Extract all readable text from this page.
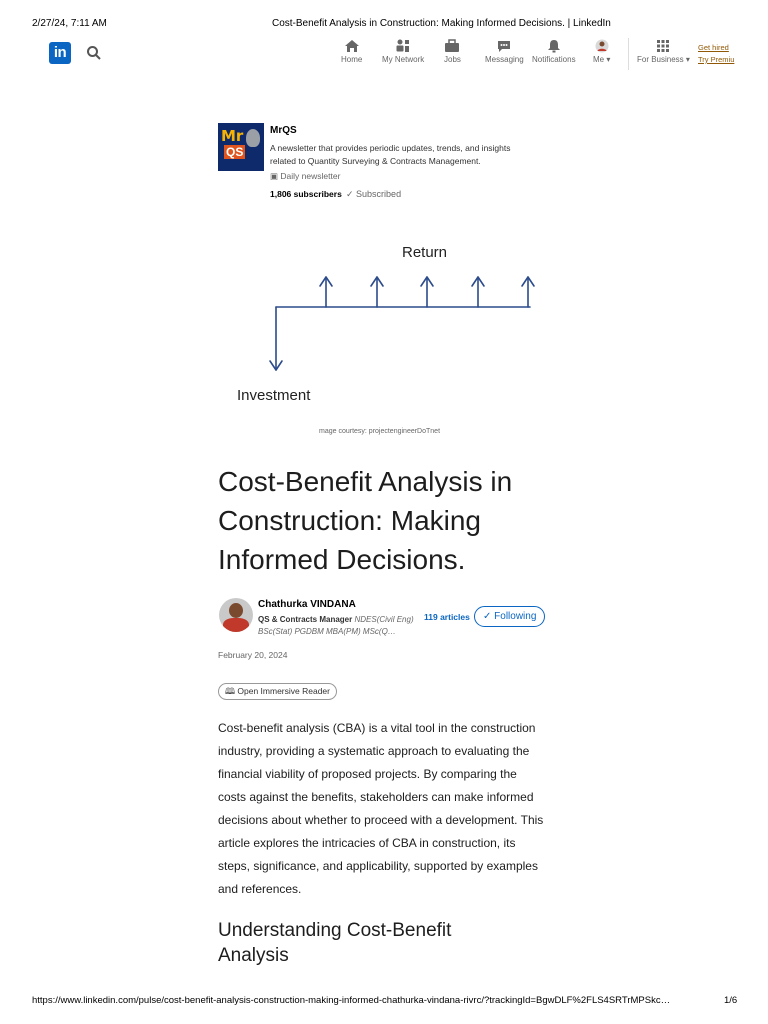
2/27/24, 7:11 AM	Cost-Benefit Analysis in Construction: Making Informed Decisions. | LinkedIn
in	Home My Network Jobs	Messaging Notifications Me ▾	For Business ▾
Get hired
Try Premiu
Mr
QS
MrQS
A newsletter that provides periodic updates, trends, and insights related to Quantity Surveying & Contracts Management.
▣ Daily newsletter
1,806 subscribers ✓ Subscribed
Return
Investment
mage courtesy: projectengineerDoTnet
Cost-Benefit Analysis in Construction: Making Informed Decisions.
Chathurka VINDANA
QS & Contracts Manager NDES(Civil Eng) BSc(Stat) PGDBM MBA(PM) MSc(Q…
119 articles	✓ Following
February 20, 2024
🕮 Open Immersive Reader

Cost-benefit analysis (CBA) is a vital tool in the construction industry, providing a systematic approach to evaluating the financial viability of proposed projects. By comparing the costs against the benefits, stakeholders can make informed decisions about whether to proceed with a development. This article explores the intricacies of CBA in construction, its steps, significance, and applicability, supported by examples and references.

Understanding Cost-Benefit Analysis
https://www.linkedin.com/pulse/cost-benefit-analysis-construction-making-informed-chathurka-vindana-rivrc/?trackingId=BgwDLF%2FLS4SRTrMPSkc…	1/6
